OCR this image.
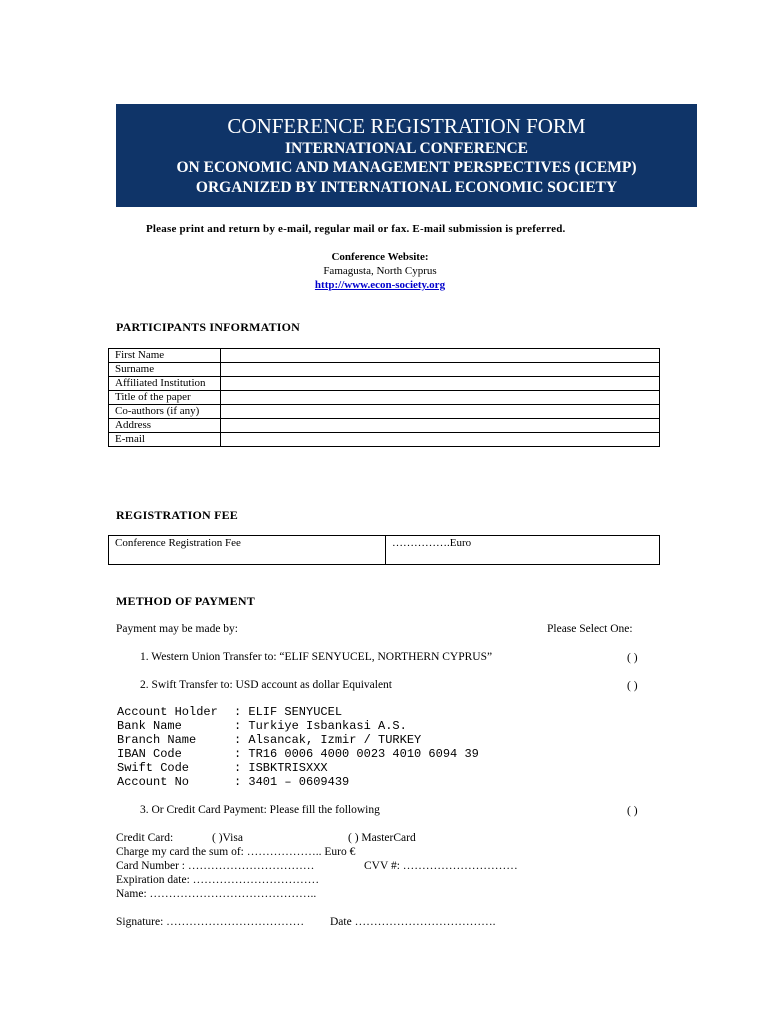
CONFERENCE REGISTRATION FORM
INTERNATIONAL CONFERENCE
ON ECONOMIC AND MANAGEMENT PERSPECTIVES (ICEMP)
ORGANIZED BY INTERNATIONAL ECONOMIC SOCIETY
Please print and return by e-mail, regular mail or fax. E-mail submission is preferred.
Conference Website:
Famagusta, North Cyprus
http://www.econ-society.org
PARTICIPANTS INFORMATION
First Name	
Surname	
Affiliated Institution	
Title of the paper	
Co-authors (if any)	
Address	
E-mail	
REGISTRATION FEE
Conference Registration Fee	…………….Euro
METHOD OF PAYMENT
Payment may be made by:	Please Select One:
1. Western Union Transfer to: “ELIF SENYUCEL, NORTHERN CYPRUS”	( )
2. Swift Transfer to: USD account as dollar Equivalent	( )
Account Holder : ELIF SENYUCEL
Bank Name	: Turkiye Isbankasi A.S.
Branch Name	: Alsancak, Izmir / TURKEY
IBAN Code	: TR16 0006 4000 0023 4010 6094 39
Swift Code	: ISBKTRISXXX
Account No	: 3401 – 0609439
3. Or Credit Card Payment: Please fill the following	( )
Credit Card:	( )Visa	( ) MasterCard
Charge my card the sum of: ……………….. Euro €
Card Number : ……………………………	CVV #: …………………………
Expiration date: ……………………………
Name: ……………………………………..
Signature: ……………………………… Date ……………………………….
